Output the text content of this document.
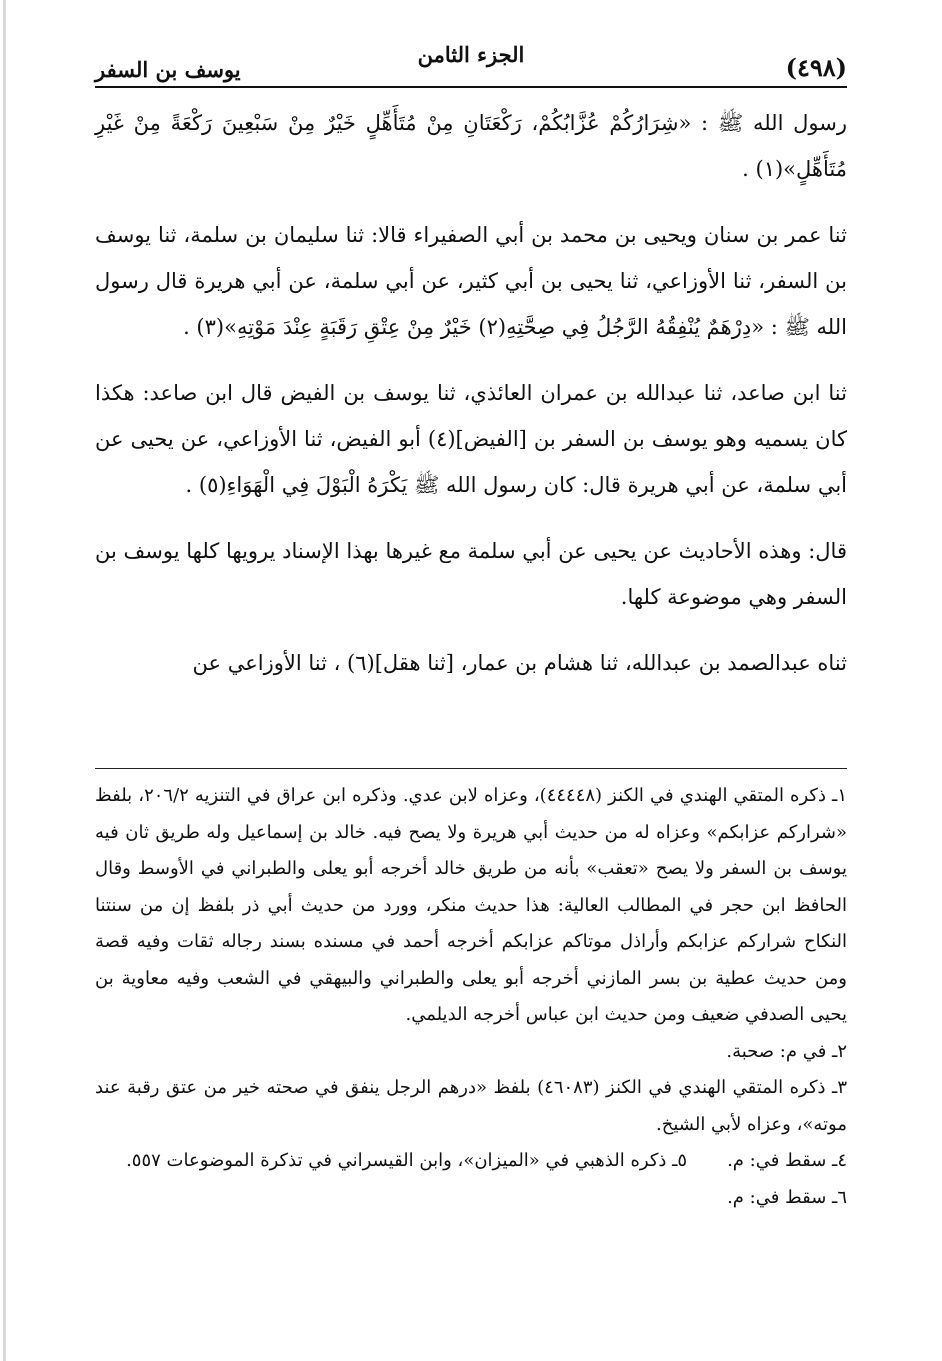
(٤٩٨)
الجزء الثامن
يوسف بن السفر

رسول الله ﷺ : «شِرَارُكُمْ عُزَّابُكُمْ، رَكْعَتَانِ مِنْ مُتَأَهِّلٍ خَيْرٌ مِنْ سَبْعِينَ رَكْعَةً مِنْ غَيْرِ مُتَأَهِّلٍ»(١) .

ثنا عمر بن سنان ويحيى بن محمد بن أبي الصفيراء قالا: ثنا سليمان بن سلمة، ثنا يوسف بن السفر، ثنا الأوزاعي، ثنا يحيى بن أبي كثير، عن أبي سلمة، عن أبي هريرة قال رسول الله ﷺ : «دِرْهَمٌ يُنْفِقُهُ الرَّجُلُ فِي صِحَّتِهِ(٢) خَيْرٌ مِنْ عِتْقِ رَقَبَةٍ عِنْدَ مَوْتِهِ»(٣) .

ثنا ابن صاعد، ثنا عبدالله بن عمران العائذي، ثنا يوسف بن الفيض قال ابن صاعد: هكذا كان يسميه وهو يوسف بن السفر بن [الفيض](٤) أبو الفيض، ثنا الأوزاعي، عن يحيى عن أبي سلمة، عن أبي هريرة قال: كان رسول الله ﷺ يَكْرَهُ الْبَوْلَ فِي الْهَوَاءِ(٥) .

قال: وهذه الأحاديث عن يحيى عن أبي سلمة مع غيرها بهذا الإسناد يرويها كلها يوسف بن السفر وهي موضوعة كلها.

ثناه عبدالصمد بن عبدالله، ثنا هشام بن عمار، [ثنا هقل](٦) ، ثنا الأوزاعي عن

١ـ ذكره المتقي الهندي في الكنز (٤٤٤٤٨)، وعزاه لابن عدي. وذكره ابن عراق في التنزيه ٢٠٦/٢، بلفظ «شراركم عزابكم» وعزاه له من حديث أبي هريرة ولا يصح فيه. خالد بن إسماعيل وله طريق ثان فيه يوسف بن السفر ولا يصح «تعقب» بأنه من طريق خالد أخرجه أبو يعلى والطبراني في الأوسط وقال الحافظ ابن حجر في المطالب العالية: هذا حديث منكر، وورد من حديث أبي ذر بلفظ إن من سنتنا النكاح شراركم عزابكم وأراذل موتاكم عزابكم أخرجه أحمد في مسنده بسند رجاله ثقات وفيه قصة ومن حديث عطية بن بسر المازني أخرجه أبو يعلى والطبراني والبيهقي في الشعب وفيه معاوية بن يحيى الصدفي ضعيف ومن حديث ابن عباس أخرجه الديلمي.

٢ـ في م: صحبة.

٣ـ ذكره المتقي الهندي في الكنز (٤٦٠٨٣) بلفظ «درهم الرجل ينفق في صحته خير من عتق رقبة عند موته»، وعزاه لأبي الشيخ.

٤ـ سقط في: م.
٥ـ ذكره الذهبي في «الميزان»، وابن القيسراني في تذكرة الموضوعات ٥٥٧.

٦ـ سقط في: م.
